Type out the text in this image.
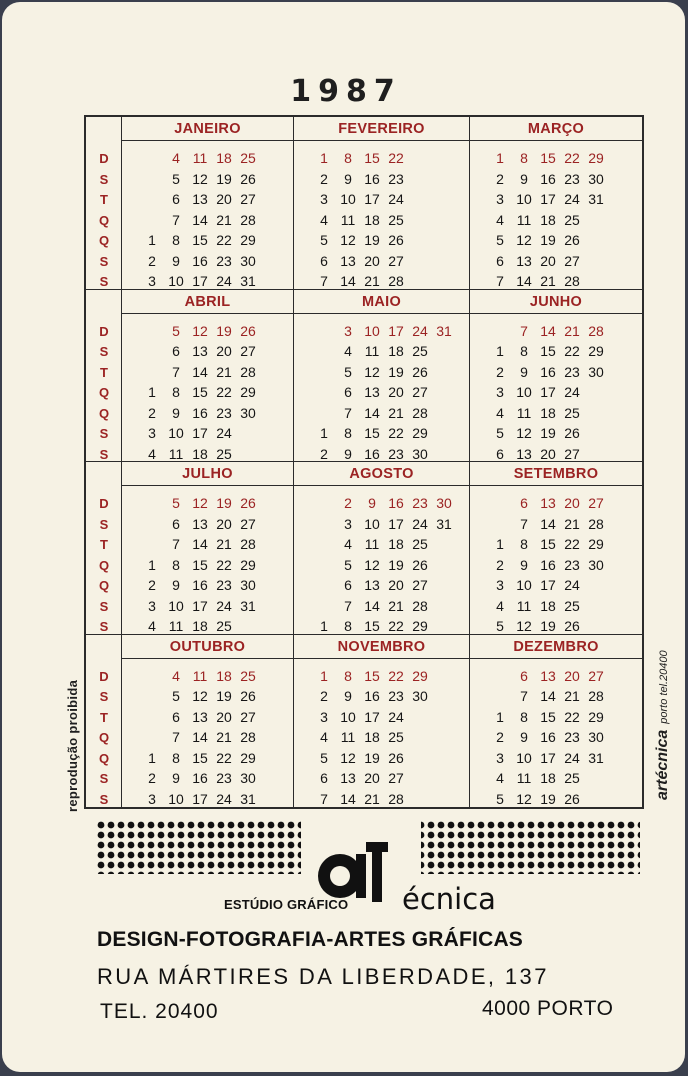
1987
D
S
T
Q
Q
S
S
JANEIRO
1
2
3
4
5
6
7
8
9
10
11
12
13
14
15
16
17
18
19
20
21
22
23
24
25
26
27
28
29
30
31
FEVEREIRO
1
2
3
4
5
6
7
8
9
10
11
12
13
14
15
16
17
18
19
20
21
22
23
24
25
26
27
28
MARÇO
1
2
3
4
5
6
7
8
9
10
11
12
13
14
15
16
17
18
19
20
21
22
23
24
25
26
27
28
29
30
31
D
S
T
Q
Q
S
S
ABRIL
1
2
3
4
5
6
7
8
9
10
11
12
13
14
15
16
17
18
19
20
21
22
23
24
25
26
27
28
29
30
MAIO
1
2
3
4
5
6
7
8
9
10
11
12
13
14
15
16
17
18
19
20
21
22
23
24
25
26
27
28
29
30
31
JUNHO
1
2
3
4
5
6
7
8
9
10
11
12
13
14
15
16
17
18
19
20
21
22
23
24
25
26
27
28
29
30
D
S
T
Q
Q
S
S
JULHO
1
2
3
4
5
6
7
8
9
10
11
12
13
14
15
16
17
18
19
20
21
22
23
24
25
26
27
28
29
30
31
AGOSTO
1
2
3
4
5
6
7
8
9
10
11
12
13
14
15
16
17
18
19
20
21
22
23
24
25
26
27
28
29
30
31
SETEMBRO
1
2
3
4
5
6
7
8
9
10
11
12
13
14
15
16
17
18
19
20
21
22
23
24
25
26
27
28
29
30
D
S
T
Q
Q
S
S
OUTUBRO
1
2
3
4
5
6
7
8
9
10
11
12
13
14
15
16
17
18
19
20
21
22
23
24
25
26
27
28
29
30
31
NOVEMBRO
1
2
3
4
5
6
7
8
9
10
11
12
13
14
15
16
17
18
19
20
21
22
23
24
25
26
27
28
29
30
DEZEMBRO
1
2
3
4
5
6
7
8
9
10
11
12
13
14
15
16
17
18
19
20
21
22
23
24
25
26
27
28
29
30
31
reprodução proibida	artécnicaporto tel.20400
ESTÚDIO GRÁFICO écnica
DESIGN-FOTOGRAFIA-ARTES GRÁFICAS
RUA MÁRTIRES DA LIBERDADE, 137
TEL. 20400	4000 PORTO
